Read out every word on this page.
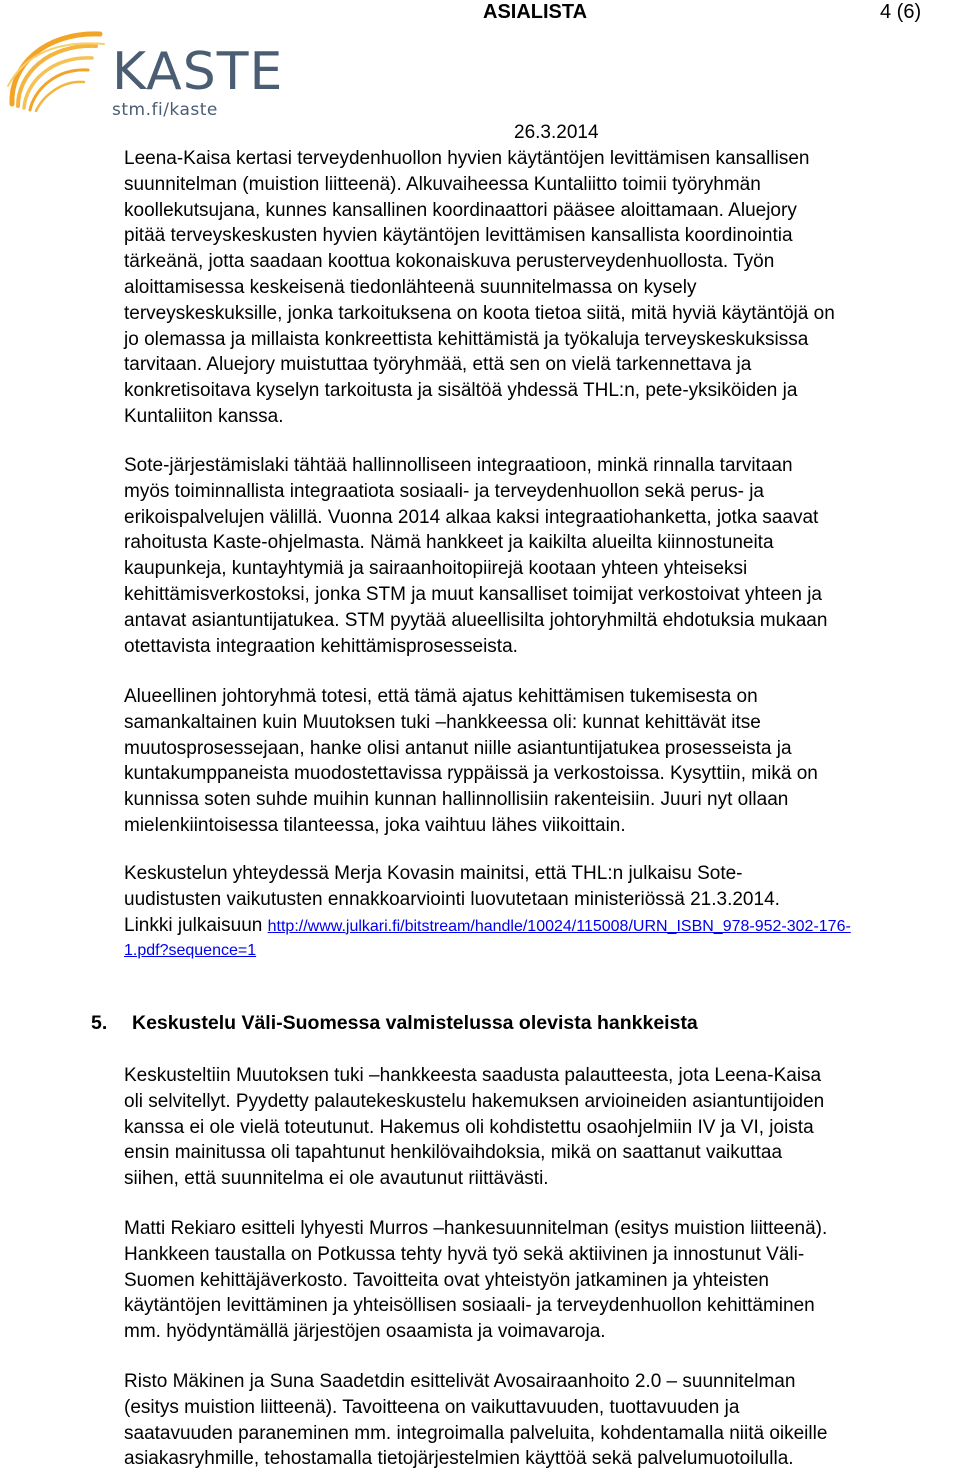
KASTE
stm.fi/kaste
ASIALISTA	4 (6)
26.3.2014
Leena-Kaisa kertasi terveydenhuollon hyvien käytäntöjen levittämisen kansallisen
suunnitelman (muistion liitteenä). Alkuvaiheessa Kuntaliitto toimii työryhmän
koollekutsujana, kunnes kansallinen koordinaattori pääsee aloittamaan. Aluejory
pitää terveyskeskusten hyvien käytäntöjen levittämisen kansallista koordinointia
tärkeänä, jotta saadaan koottua kokonaiskuva perusterveydenhuollosta. Työn
aloittamisessa keskeisenä tiedonlähteenä suunnitelmassa on kysely
terveyskeskuksille, jonka tarkoituksena on koota tietoa siitä, mitä hyviä käytäntöjä on
jo olemassa ja millaista konkreettista kehittämistä ja työkaluja terveyskeskuksissa
tarvitaan. Aluejory muistuttaa työryhmää, että sen on vielä tarkennettava ja
konkretisoitava kyselyn tarkoitusta ja sisältöä yhdessä THL:n, pete-yksiköiden ja
Kuntaliiton kanssa.
Sote-järjestämislaki tähtää hallinnolliseen integraatioon, minkä rinnalla tarvitaan
myös toiminnallista integraatiota sosiaali- ja terveydenhuollon sekä perus- ja
erikoispalvelujen välillä. Vuonna 2014 alkaa kaksi integraatiohanketta, jotka saavat
rahoitusta Kaste-ohjelmasta. Nämä hankkeet ja kaikilta alueilta kiinnostuneita
kaupunkeja, kuntayhtymiä ja sairaanhoitopiirejä kootaan yhteen yhteiseksi
kehittämisverkostoksi, jonka STM ja muut kansalliset toimijat verkostoivat yhteen ja
antavat asiantuntijatukea. STM pyytää alueellisilta johtoryhmiltä ehdotuksia mukaan
otettavista integraation kehittämisprosesseista.
Alueellinen johtoryhmä totesi, että tämä ajatus kehittämisen tukemisesta on
samankaltainen kuin Muutoksen tuki –hankkeessa oli: kunnat kehittävät itse
muutosprosessejaan, hanke olisi antanut niille asiantuntijatukea prosesseista ja
kuntakumppaneista muodostettavissa ryppäissä ja verkostoissa. Kysyttiin, mikä on
kunnissa soten suhde muihin kunnan hallinnollisiin rakenteisiin. Juuri nyt ollaan
mielenkiintoisessa tilanteessa, joka vaihtuu lähes viikoittain.
Keskustelun yhteydessä Merja Kovasin mainitsi, että THL:n julkaisu Sote-
uudistusten vaikutusten ennakkoarviointi luovutetaan ministeriössä 21.3.2014.
Linkki julkaisuun http://www.julkari.fi/bitstream/handle/10024/115008/URN_ISBN_978-952-302-176-
1.pdf?sequence=1
5. Keskustelu Väli-Suomessa valmistelussa olevista hankkeista
Keskusteltiin Muutoksen tuki –hankkeesta saadusta palautteesta, jota Leena-Kaisa
oli selvitellyt. Pyydetty palautekeskustelu hakemuksen arvioineiden asiantuntijoiden
kanssa ei ole vielä toteutunut. Hakemus oli kohdistettu osaohjelmiin IV ja VI, joista
ensin mainitussa oli tapahtunut henkilövaihdoksia, mikä on saattanut vaikuttaa
siihen, että suunnitelma ei ole avautunut riittävästi.
Matti Rekiaro esitteli lyhyesti Murros –hankesuunnitelman (esitys muistion liitteenä).
Hankkeen taustalla on Potkussa tehty hyvä työ sekä aktiivinen ja innostunut Väli-
Suomen kehittäjäverkosto. Tavoitteita ovat yhteistyön jatkaminen ja yhteisten
käytäntöjen levittäminen ja yhteisöllisen sosiaali- ja terveydenhuollon kehittäminen
mm. hyödyntämällä järjestöjen osaamista ja voimavaroja.
Risto Mäkinen ja Suna Saadetdin esittelivät Avosairaanhoito 2.0 – suunnitelman
(esitys muistion liitteenä). Tavoitteena on vaikuttavuuden, tuottavuuden ja
saatavuuden paraneminen mm. integroimalla palveluita, kohdentamalla niitä oikeille
asiakasryhmille, tehostamalla tietojärjestelmien käyttöä sekä palvelumuotoilulla.
